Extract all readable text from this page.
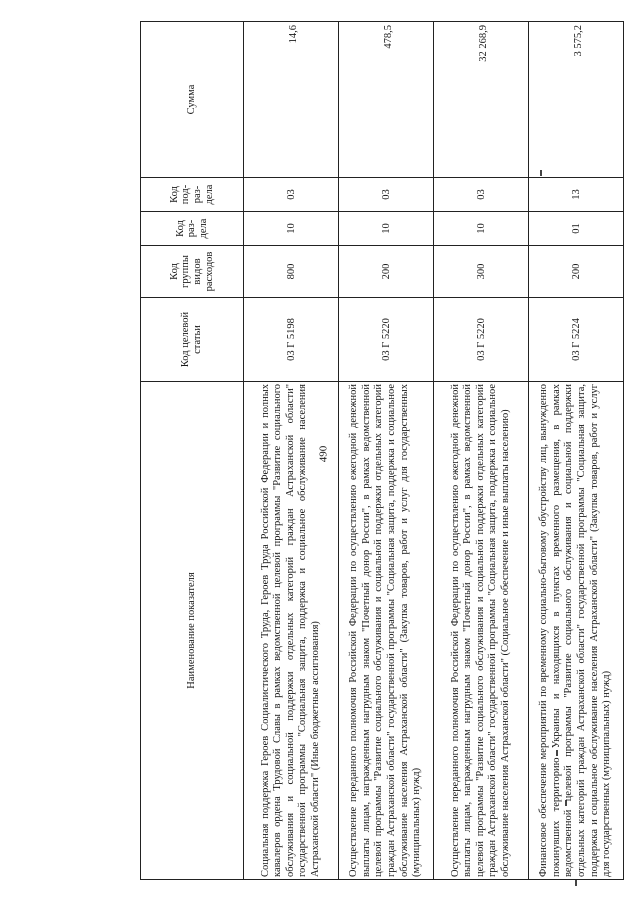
490
Наименование показателя	Код целевой статьи	Код группы видов расходов	Код раз-дела	Код под-раз-дела	Сумма
Социальная поддержка Героев Социалистического Труда, Героев Труда Российской Федерации и полных кавалеров ордена Трудовой Славы в рамках ведомственной целевой программы "Развитие социального обслуживания и социальной поддержки отдельных категорий граждан Астраханской области" государственной программы "Социальная защита, поддержка и социальное обслуживание населения Астраханской области" (Иные бюджетные ассигнования)	03 Г 5198	800	10	03	14,6
Осуществление переданного полномочия Российской Федерации по осуществлению ежегодной денежной выплаты лицам, награжденным нагрудным знаком "Почетный донор России", в рамках ведомственной целевой программы "Развитие социального обслуживания и социальной поддержки отдельных категорий граждан Астраханской области" государственной программы "Социальная защита, поддержка и социальное обслуживание населения Астраханской области" (Закупка товаров, работ и услуг для государственных (муниципальных) нужд)	03 Г 5220	200	10	03	478,5
Осуществление переданного полномочия Российской Федерации по осуществлению ежегодной денежной выплаты лицам, награжденным нагрудным знаком "Почетный донор России", в рамках ведомственной целевой программы "Развитие социального обслуживания и социальной поддержки отдельных категорий граждан Астраханской области" государственной программы "Социальная защита, поддержка и социальное обслуживание населения Астраханской области" (Социальное обеспечение и иные выплаты населению)	03 Г 5220	300	10	03	32 268,9
Финансовое обеспечение мероприятий по временному социально-бытовому обустройству лиц, вынужденно покинувших территорию Украины и находящихся в пунктах временного размещения, в рамках ведомственной целевой программы "Развитие социального обслуживания и социальной поддержки отдельных категорий граждан Астраханской области" государственной программы "Социальная защита, поддержка и социальное обслуживание населения Астраханской области" (Закупка товаров, работ и услуг для государственных (муниципальных) нужд)	03 Г 5224	200	01	13	3 575,2
